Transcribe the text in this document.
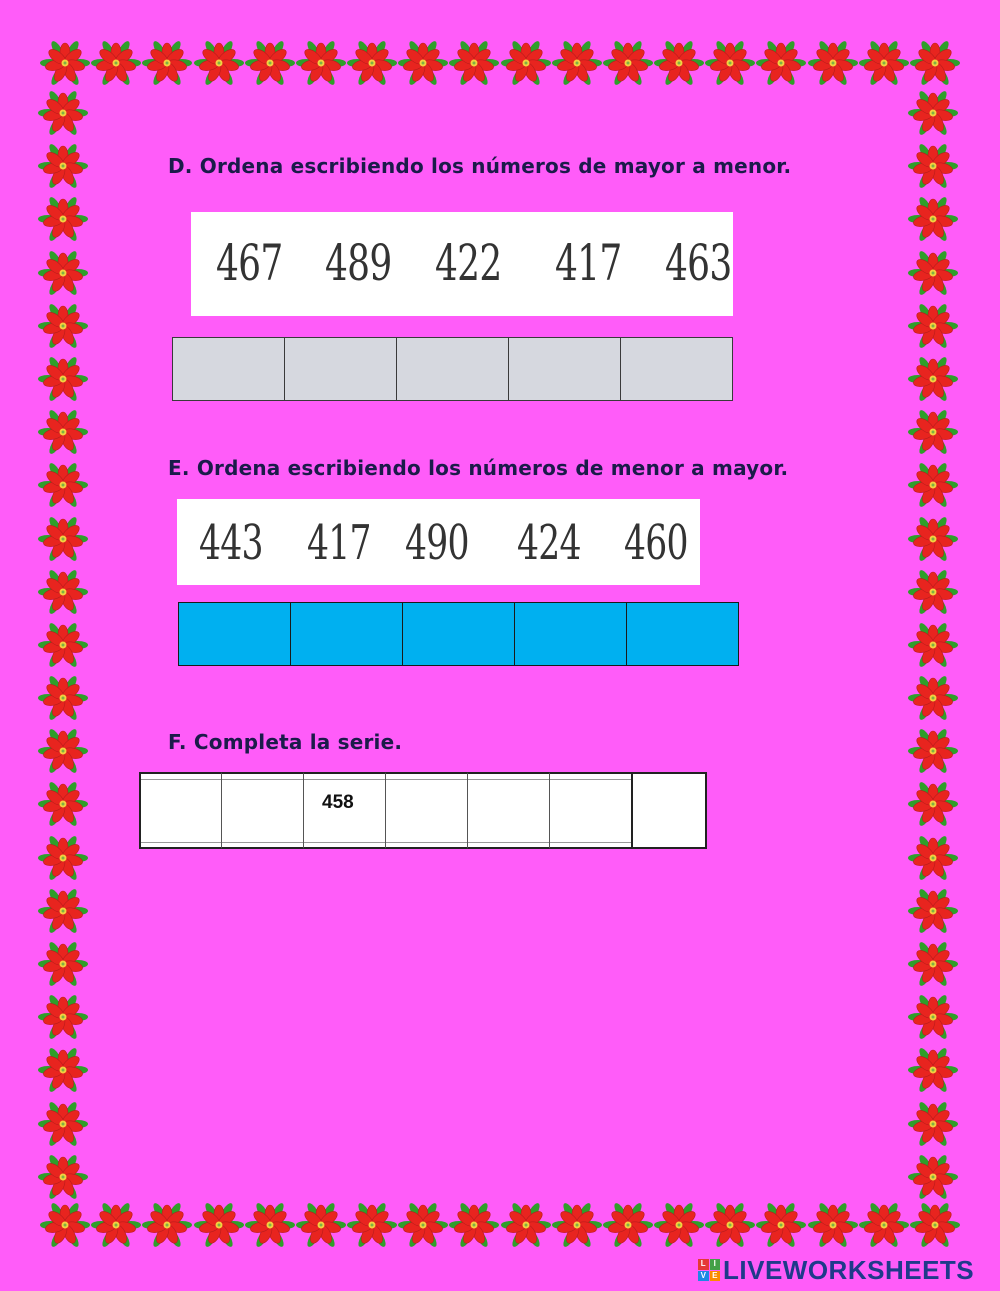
D. Ordena escribiendo los números de mayor a menor.
467 489 422 417 463
E. Ordena escribiendo los números de menor a mayor.
443 417 490 424 460
F. Completa la serie.
458
L I
V E LIVEWORKSHEETS
